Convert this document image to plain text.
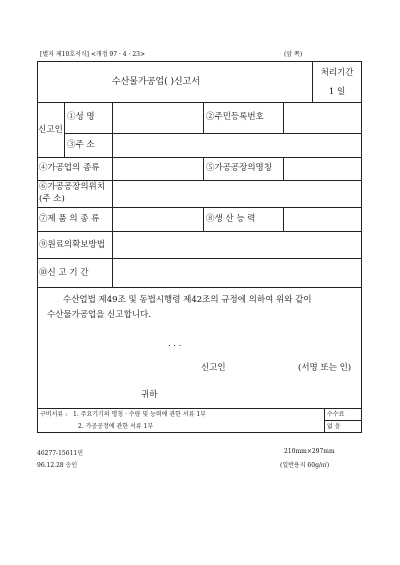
[별지 제10호서식] <개정 97 · 4 · 23>	(앞 쪽)
수산물가공업( )신고서
처리기간
1 일
신고인
①성 명	②주민등록번호
③주 소
④가공업의 종류	⑤가공공장의명칭
⑥가공공장의위치
(주 소)
⑦제 품 의 종 류	⑧생 산 능 력
⑨원료의확보방법
⑩신 고 기 간
수산업법 제49조 및 동법시행령 제42조의 규정에 의하여 위와 같이
수산물가공업을 신고합니다.
. . .
신고인	(서명 또는 인)
귀하
구비서류 : 1. 주요기기의 명칭 · 수량 및 능력에 관한 서류 1부
2. 가공공정에 관한 서류 1부
수수료
없 음
46277-15611민
96.12.28 승인
210mm×297mm
(일반용지 60g/㎡)
